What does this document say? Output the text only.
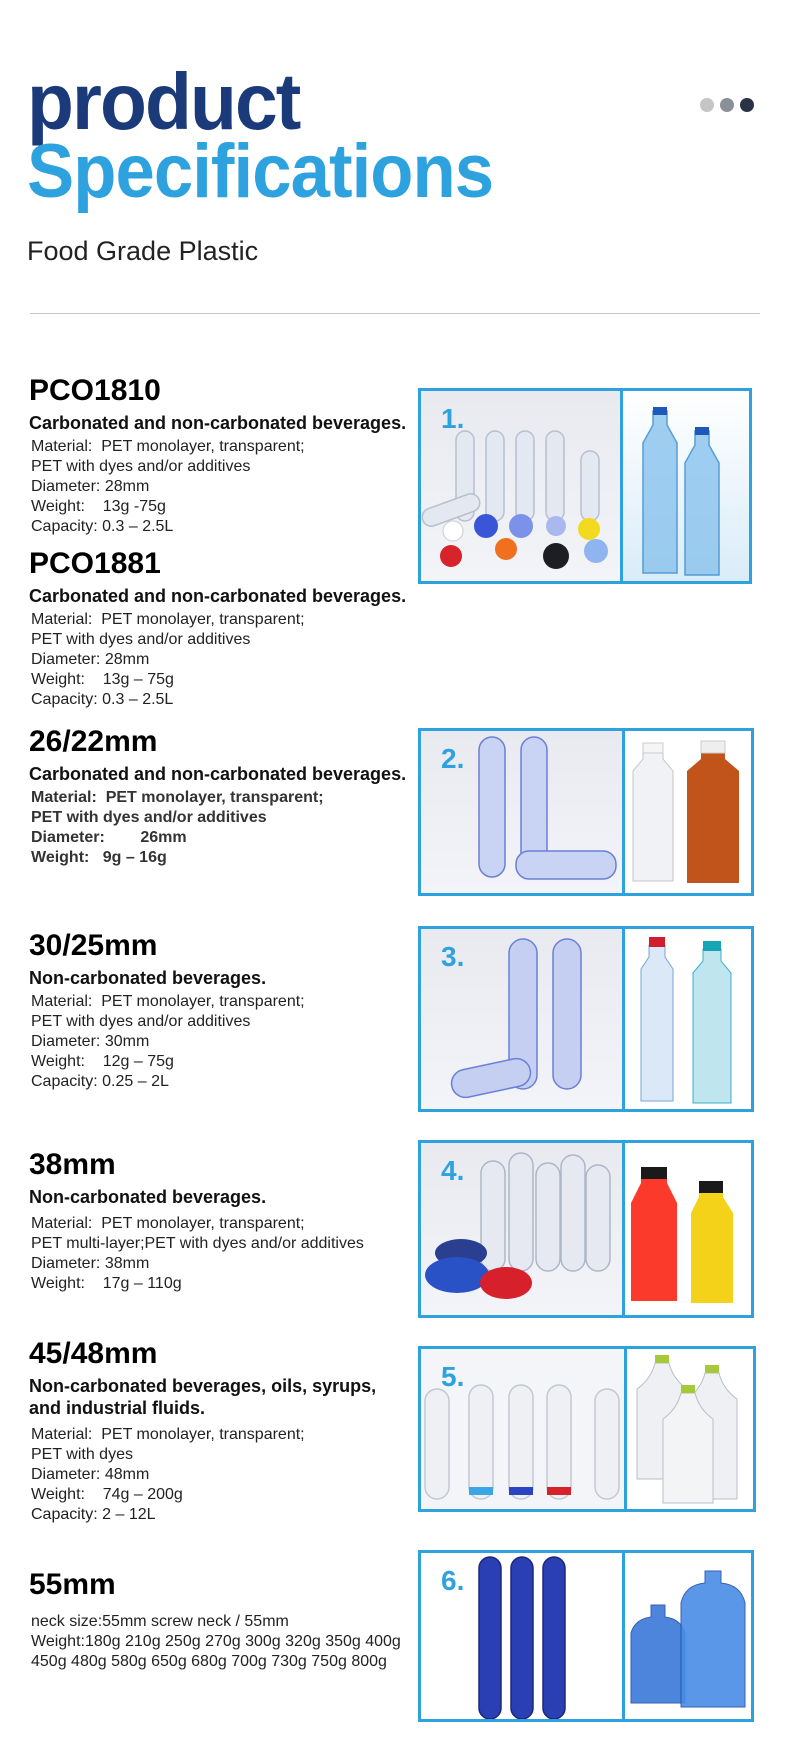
product
Specifications
Food Grade Plastic
PCO1810
Carbonated and non-carbonated beverages.
Material: PET monolayer, transparent;
PET with dyes and/or additives
Diameter: 28mm
Weight: 13g -75g
Capacity: 0.3 – 2.5L
PCO1881
Carbonated and non-carbonated beverages.
Material: PET monolayer, transparent;
PET with dyes and/or additives
Diameter: 28mm
Weight: 13g – 75g
Capacity: 0.3 – 2.5L
26/22mm
Carbonated and non-carbonated beverages.
Material: PET monolayer, transparent;
PET with dyes and/or additives
Diameter: 26mm
Weight: 9g – 16g
30/25mm
Non-carbonated beverages.
Material: PET monolayer, transparent;
PET with dyes and/or additives
Diameter: 30mm
Weight: 12g – 75g
Capacity: 0.25 – 2L
38mm
Non-carbonated beverages.
Material: PET monolayer, transparent;
PET multi-layer;PET with dyes and/or additives
Diameter: 38mm
Weight: 17g – 110g
45/48mm
Non-carbonated beverages, oils, syrups,
and industrial fluids.
Material: PET monolayer, transparent;
PET with dyes
Diameter: 48mm
Weight: 74g – 200g
Capacity: 2 – 12L
55mm
neck size:55mm screw neck / 55mm
Weight:180g 210g 250g 270g 300g 320g 350g 400g
450g 480g 580g 650g 680g 700g 730g 750g 800g
1.
2.
3.
4.
5.
6.
